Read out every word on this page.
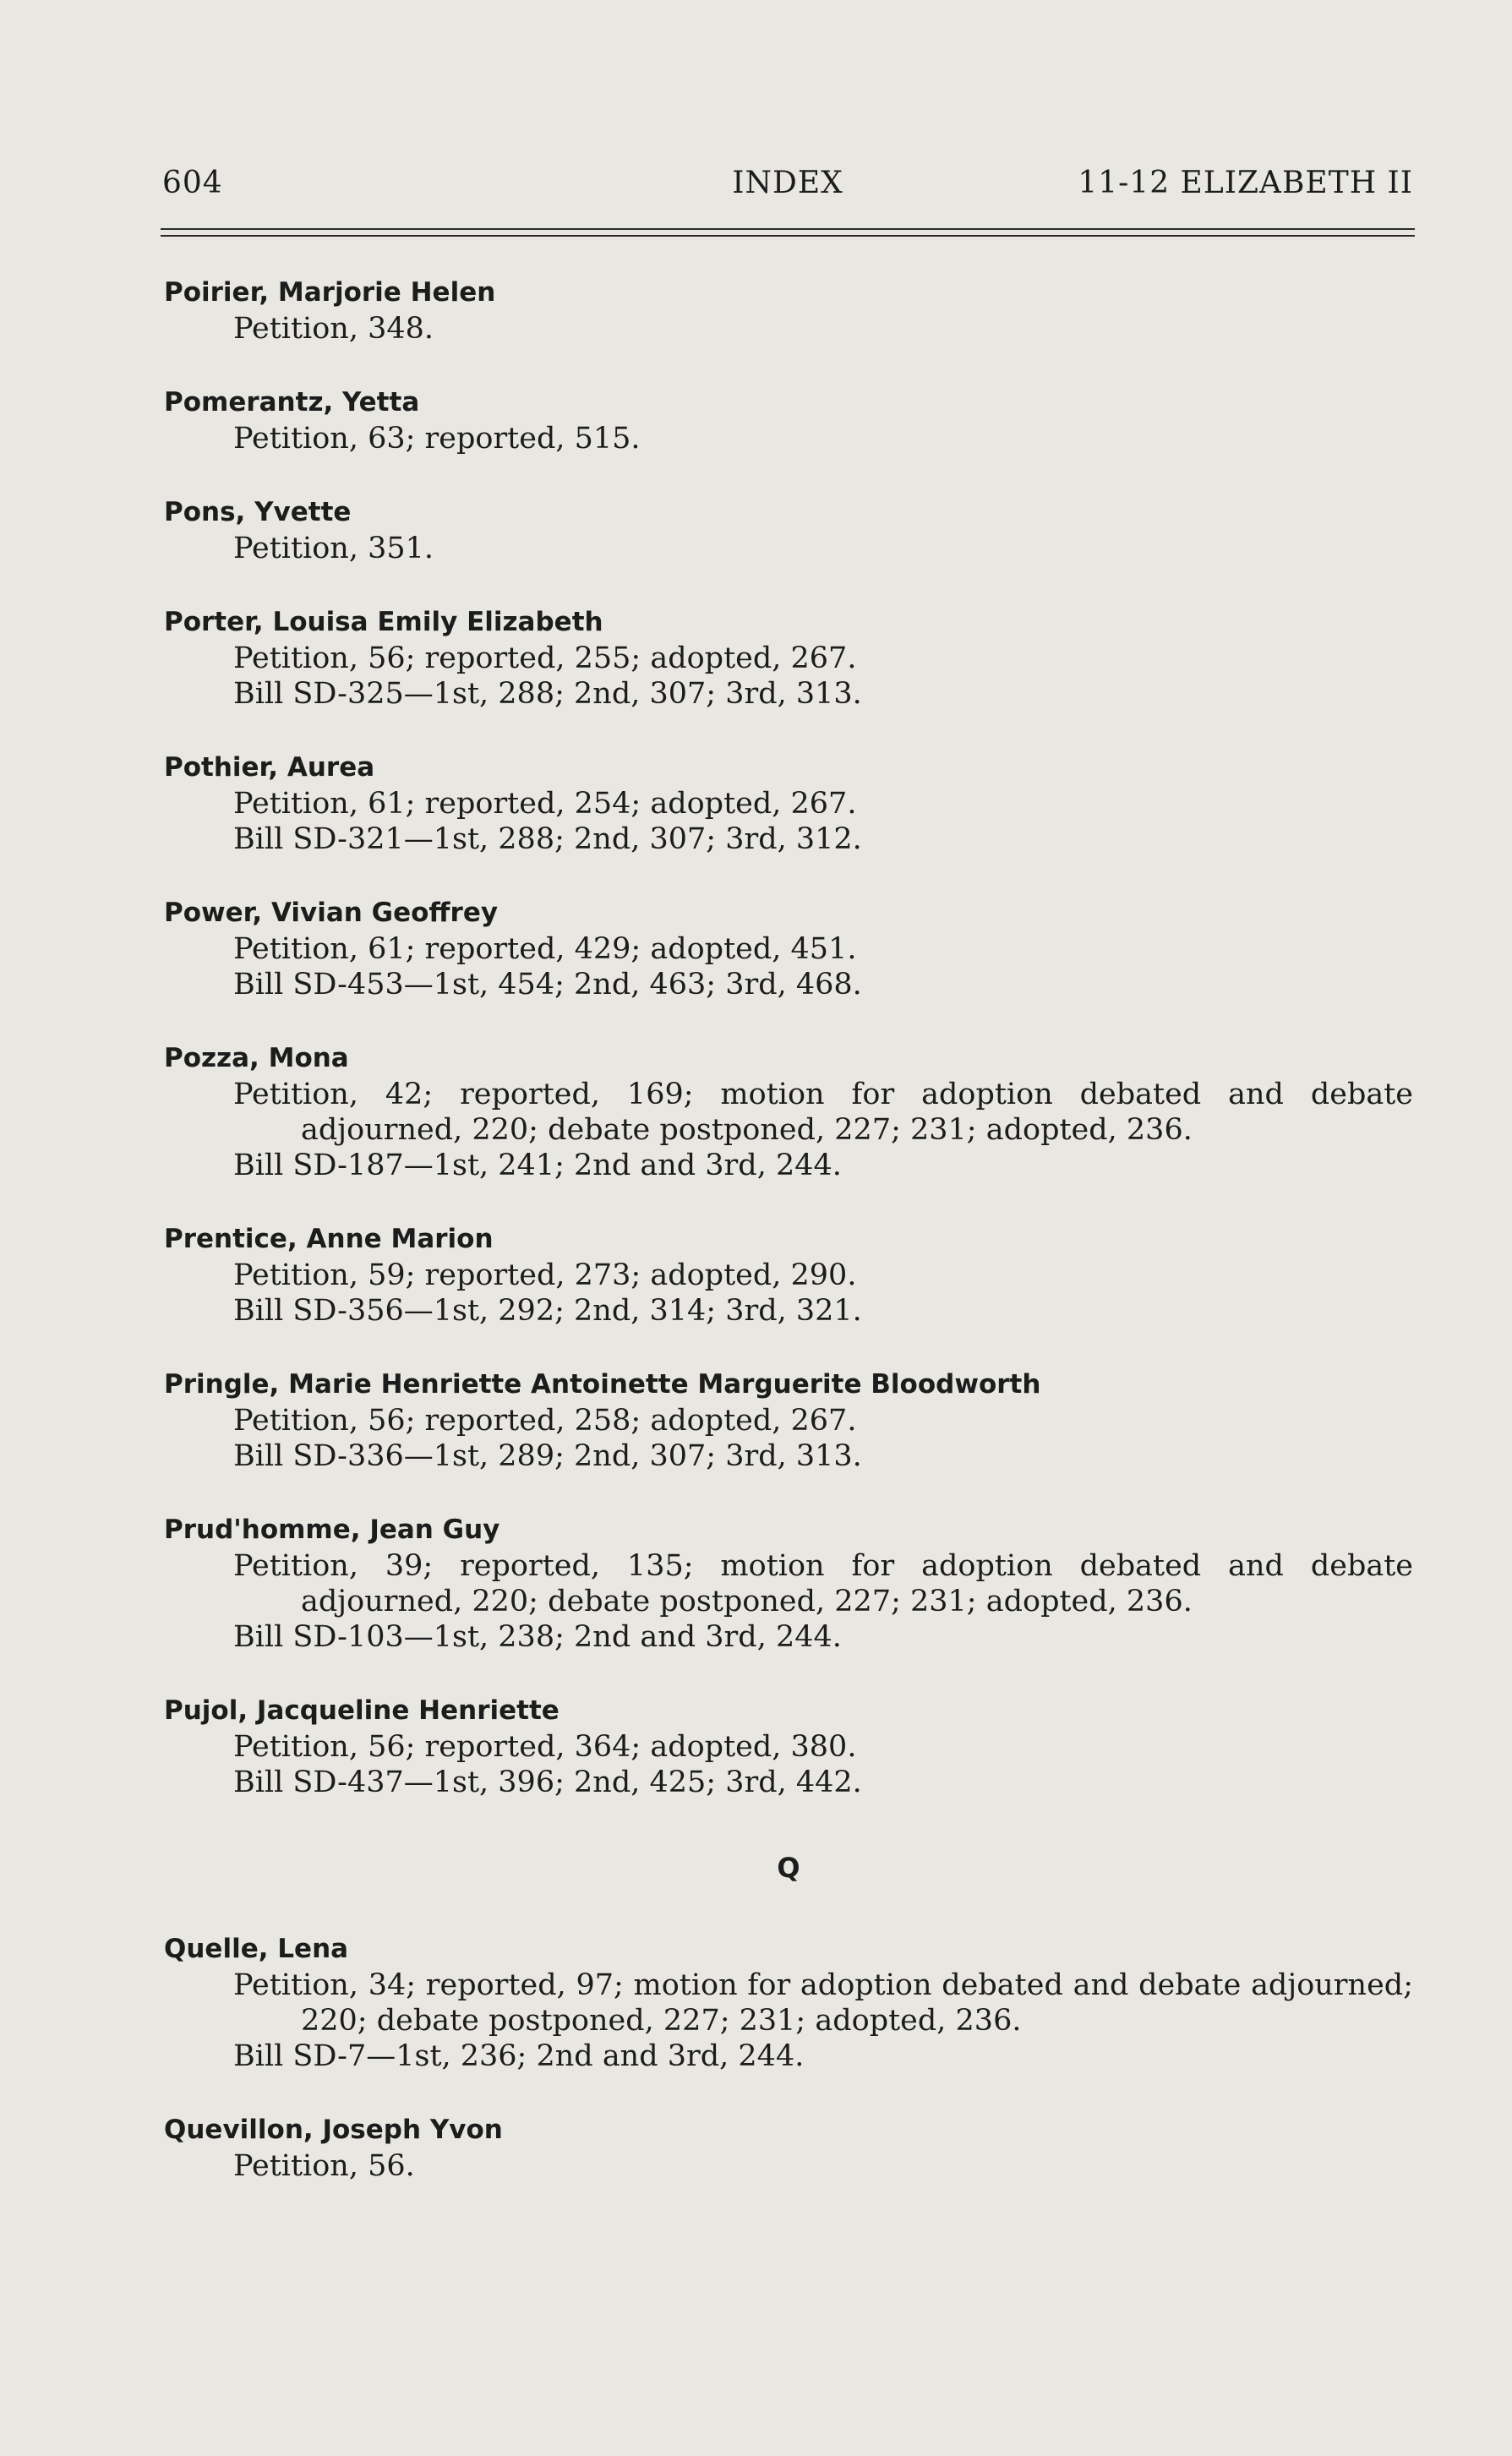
604	INDEX	11-12 ELIZABETH II
Poirier, Marjorie Helen
Petition, 348.
Pomerantz, Yetta
Petition, 63; reported, 515.
Pons, Yvette
Petition, 351.
Porter, Louisa Emily Elizabeth
Petition, 56; reported, 255; adopted, 267.
Bill SD-325—1st, 288; 2nd, 307; 3rd, 313.
Pothier, Aurea
Petition, 61; reported, 254; adopted, 267.
Bill SD-321—1st, 288; 2nd, 307; 3rd, 312.
Power, Vivian Geoffrey
Petition, 61; reported, 429; adopted, 451.
Bill SD-453—1st, 454; 2nd, 463; 3rd, 468.
Pozza, Mona
Petition, 42; reported, 169; motion for adoption debated and debate adjourned, 220; debate postponed, 227; 231; adopted, 236.
Bill SD-187—1st, 241; 2nd and 3rd, 244.
Prentice, Anne Marion
Petition, 59; reported, 273; adopted, 290.
Bill SD-356—1st, 292; 2nd, 314; 3rd, 321.
Pringle, Marie Henriette Antoinette Marguerite Bloodworth
Petition, 56; reported, 258; adopted, 267.
Bill SD-336—1st, 289; 2nd, 307; 3rd, 313.
Prud'homme, Jean Guy
Petition, 39; reported, 135; motion for adoption debated and debate adjourned, 220; debate postponed, 227; 231; adopted, 236.
Bill SD-103—1st, 238; 2nd and 3rd, 244.
Pujol, Jacqueline Henriette
Petition, 56; reported, 364; adopted, 380.
Bill SD-437—1st, 396; 2nd, 425; 3rd, 442.
Q
Quelle, Lena
Petition, 34; reported, 97; motion for adoption debated and debate adjourned; 220; debate postponed, 227; 231; adopted, 236.
Bill SD-7—1st, 236; 2nd and 3rd, 244.
Quevillon, Joseph Yvon
Petition, 56.
